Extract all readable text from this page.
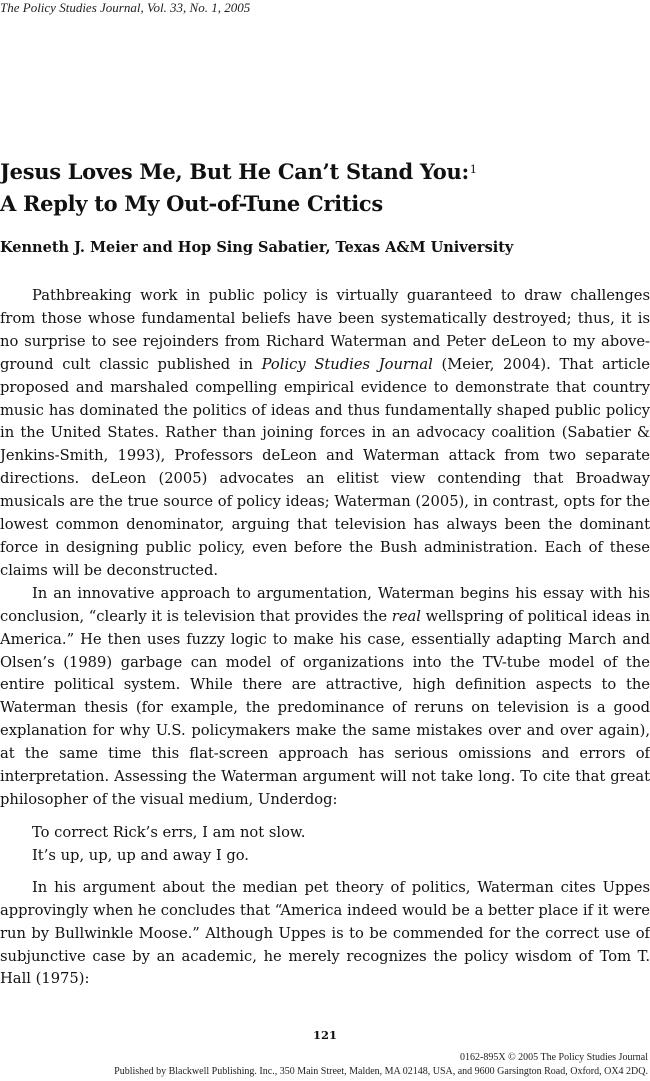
The Policy Studies Journal, Vol. 33, No. 1, 2005
Jesus Loves Me, But He Can’t Stand You:$^1$
A Reply to My Out-of-Tune Critics
Kenneth J. Meier and Hop Sing Sabatier, Texas A&M University

Pathbreaking work in public policy is virtually guaranteed to draw challenges from those whose fundamental beliefs have been systematically destroyed; thus, it is no surprise to see rejoinders from Richard Waterman and Peter deLeon to my above-ground cult classic published in Policy Studies Journal (Meier, 2004). That article proposed and marshaled compelling empirical evidence to demonstrate that country music has dominated the politics of ideas and thus fundamentally shaped public policy in the United States. Rather than joining forces in an advocacy coalition (Sabatier & Jenkins-Smith, 1993), Professors deLeon and Waterman attack from two separate directions. deLeon (2005) advocates an elitist view contending that Broadway musicals are the true source of policy ideas; Waterman (2005), in contrast, opts for the lowest common denominator, arguing that television has always been the dominant force in designing public policy, even before the Bush administration. Each of these claims will be deconstructed.

In an innovative approach to argumentation, Waterman begins his essay with his conclusion, “clearly it is television that provides the real wellspring of political ideas in America.” He then uses fuzzy logic to make his case, essentially adapting March and Olsen’s (1989) garbage can model of organizations into the TV-tube model of the entire political system. While there are attractive, high definition aspects to the Waterman thesis (for example, the predominance of reruns on television is a good explanation for why U.S. policymakers make the same mistakes over and over again), at the same time this flat-screen approach has serious omissions and errors of interpretation. Assessing the Waterman argument will not take long. To cite that great philosopher of the visual medium, Underdog:

To correct Rick’s errs, I am not slow.
It’s up, up, up and away I go.

In his argument about the median pet theory of politics, Waterman cites Uppes approvingly when he concludes that “America indeed would be a better place if it were run by Bullwinkle Moose.” Although Uppes is to be commended for the correct use of subjunctive case by an academic, he merely recognizes the policy wisdom of Tom T. Hall (1975):

121
0162-895X © 2005 The Policy Studies Journal
Published by Blackwell Publishing. Inc., 350 Main Street, Malden, MA 02148, USA, and 9600 Garsington Road, Oxford, OX4 2DQ.
